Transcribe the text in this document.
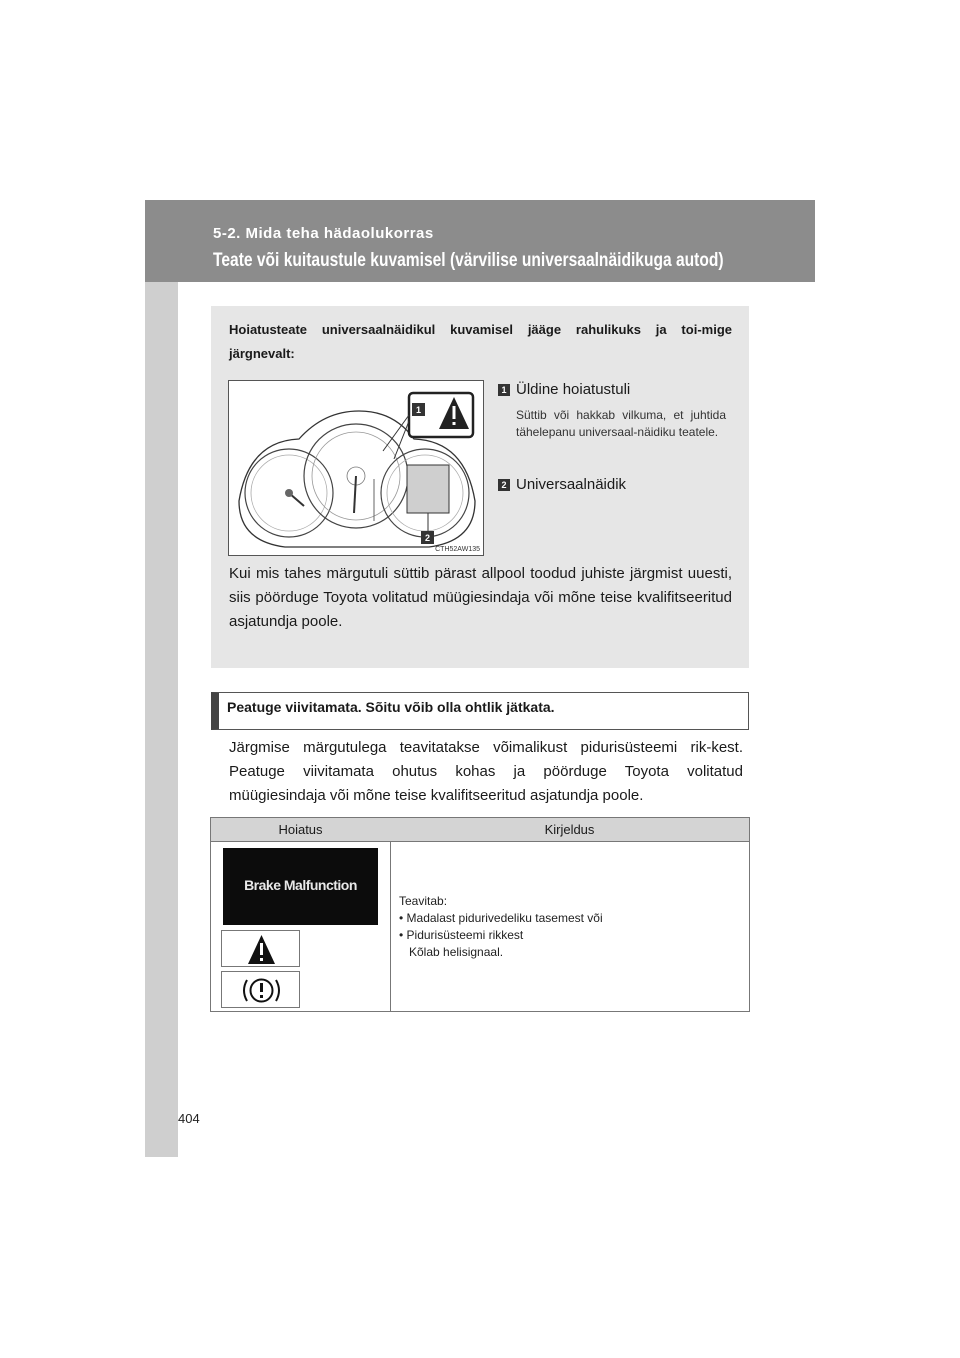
5-2. Mida teha hädaolukorras
Teate või kuitaustule kuvamisel (värvilise universaalnäidikuga autod)
Hoiatusteate universaalnäidikul kuvamisel jääge rahulikuks ja toi-mige järgnevalt:
1
2
CTH52AW135
1 Üldine hoiatustuli
Süttib või hakkab vilkuma, et juhtida tähelepanu universaal-näidiku teatele.
2 Universaalnäidik
Kui mis tahes märgutuli süttib pärast allpool toodud juhiste järgmist uuesti, siis pöörduge Toyota volitatud müügiesindaja või mõne teise kvalifitseeritud asjatundja poole.
Peatuge viivitamata. Sõitu võib olla ohtlik jätkata.
Järgmise märgutulega teavitatakse võimalikust pidurisüsteemi rik-kest. Peatuge viivitamata ohutus kohas ja pöörduge Toyota volitatud müügiesindaja või mõne teise kvalifitseeritud asjatundja poole.
Hoiatus	Kirjeldus
Brake Malfunction
Teavitab:
• Madalast pidurivedeliku tasemest või
• Pidurisüsteemi rikkest
Kõlab helisignaal.
404
